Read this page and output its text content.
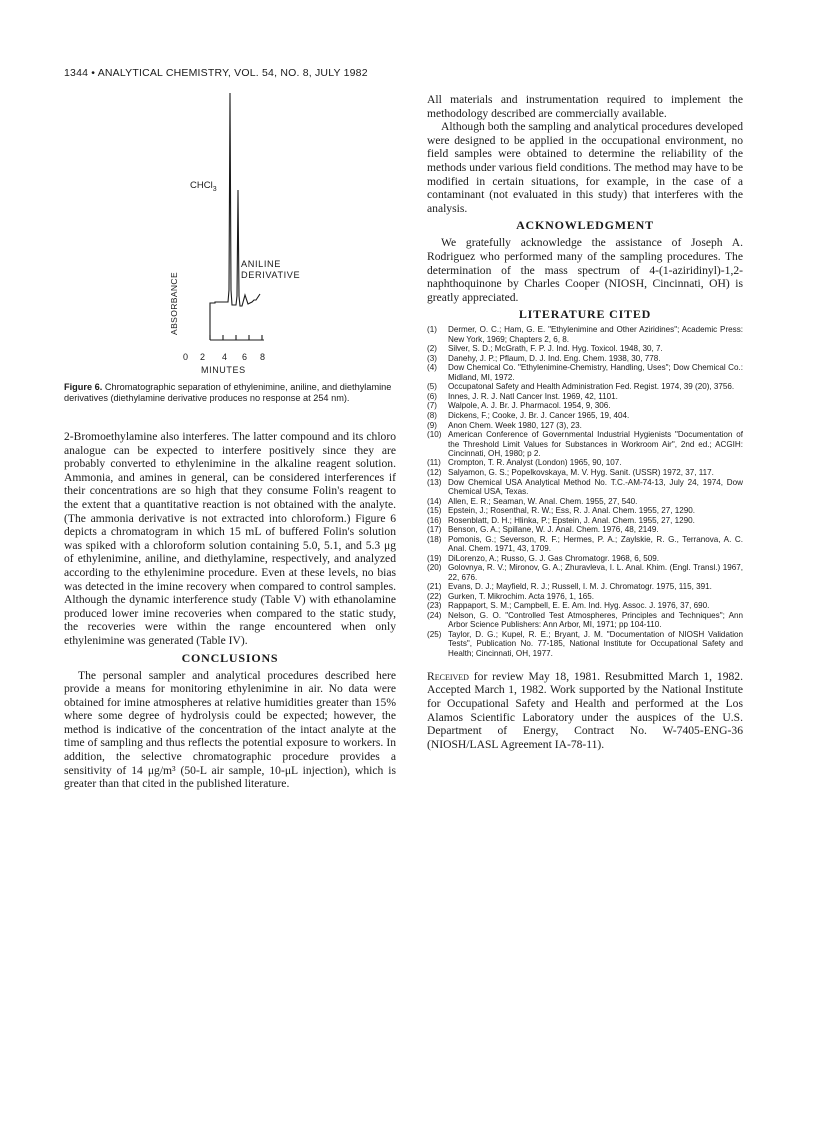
1344 • ANALYTICAL CHEMISTRY, VOL. 54, NO. 8, JULY 1982
CHCl$_3$
ANILINE
DERIVATIVE
ABSORBANCE
0 2 4 6 8
MINUTES
Figure 6. Chromatographic separation of ethylenimine, aniline, and diethylamine derivatives (diethylamine derivative produces no response at 254 nm).

2-Bromoethylamine also interferes. The latter compound and its chloro analogue can be expected to interfere positively since they are probably converted to ethylenimine in the alkaline reagent solution. Ammonia, and amines in general, can be considered interferences if their concentrations are so high that they consume Folin's reagent to the extent that a quantitative reaction is not obtained with the analyte. (The ammonia derivative is not extracted into chloroform.) Figure 6 depicts a chromatogram in which 15 mL of buffered Folin's solution was spiked with a chloroform solution containing 5.0, 5.1, and 5.3 μg of ethylenimine, aniline, and diethylamine, respectively, and analyzed according to the ethylenimine procedure. Even at these levels, no bias was detected in the imine recovery when compared to control samples. Although the dynamic interference study (Table V) with ethanolamine produced lower imine recoveries when compared to the static study, the recoveries were within the range encountered when only ethylenimine was generated (Table IV).

CONCLUSIONS

The personal sampler and analytical procedures described here provide a means for monitoring ethylenimine in air. No data were obtained for imine atmospheres at relative humidities greater than 15% where some degree of hydrolysis could be expected; however, the method is indicative of the concentration of the intact analyte at the time of sampling and thus reflects the potential exposure to workers. In addition, the selective chromatographic procedure provides a sensitivity of 14 μg/m³ (50-L air sample, 10-μL injection), which is greater than that cited in the published literature.

All materials and instrumentation required to implement the methodology described are commercially available.

Although both the sampling and analytical procedures developed were designed to be applied in the occupational environment, no field samples were obtained to determine the reliability of the methods under various field conditions. The method may have to be modified in certain situations, for example, in the case of a contaminant (not evaluated in this study) that interferes with the analysis.

ACKNOWLEDGMENT

We gratefully acknowledge the assistance of Joseph A. Rodriguez who performed many of the sampling procedures. The determination of the mass spectrum of 4-(1-aziridinyl)-1,2-naphthoquinone by Charles Cooper (NIOSH, Cincinnati, OH) is greatly appreciated.

LITERATURE CITED
(1) Dermer, O. C.; Ham, G. E. "Ethylenimine and Other Aziridines"; Academic Press: New York, 1969; Chapters 2, 6, 8.
(2) Silver, S. D.; McGrath, F. P. J. Ind. Hyg. Toxicol. 1948, 30, 7.
(3) Danehy, J. P.; Pflaum, D. J. Ind. Eng. Chem. 1938, 30, 778.
(4) Dow Chemical Co. "Ethylenimine-Chemistry, Handling, Uses"; Dow Chemical Co.: Midland, MI, 1972.
(5) Occupatonal Safety and Health Administration Fed. Regist. 1974, 39 (20), 3756.
(6) Innes, J. R. J. Natl Cancer Inst. 1969, 42, 1101.
(7) Walpole, A. J. Br. J. Pharmacol. 1954, 9, 306.
(8) Dickens, F.; Cooke, J. Br. J. Cancer 1965, 19, 404.
(9) Anon Chem. Week 1980, 127 (3), 23.
(10) American Conference of Governmental Industrial Hygienists "Documentation of the Threshold Limit Values for Substances in Workroom Air", 2nd ed.; ACGIH: Cincinnati, OH, 1980; p 2.
(11) Crompton, T. R. Analyst (London) 1965, 90, 107.
(12) Salyamon, G. S.; Popelkovskaya, M. V. Hyg. Sanit. (USSR) 1972, 37, 117.
(13) Dow Chemical USA Analytical Method No. T.C.-AM-74-13, July 24, 1974, Dow Chemical USA, Texas.
(14) Allen, E. R.; Seaman, W. Anal. Chem. 1955, 27, 540.
(15) Epstein, J.; Rosenthal, R. W.; Ess, R. J. Anal. Chem. 1955, 27, 1290.
(16) Rosenblatt, D. H.; Hlinka, P.; Epstein, J. Anal. Chem. 1955, 27, 1290.
(17) Benson, G. A.; Spillane, W. J. Anal. Chem. 1976, 48, 2149.
(18) Pomonis, G.; Severson, R. F.; Hermes, P. A.; Zaylskie, R. G., Terranova, A. C. Anal. Chem. 1971, 43, 1709.
(19) DiLorenzo, A.; Russo, G. J. Gas Chromatogr. 1968, 6, 509.
(20) Golovnya, R. V.; Mironov, G. A.; Zhuravleva, I. L. Anal. Khim. (Engl. Transl.) 1967, 22, 676.
(21) Evans, D. J.; Mayfield, R. J.; Russell, I. M. J. Chromatogr. 1975, 115, 391.
(22) Gurken, T. Mikrochim. Acta 1976, 1, 165.
(23) Rappaport, S. M.; Campbell, E. E. Am. Ind. Hyg. Assoc. J. 1976, 37, 690.
(24) Nelson, G. O. "Controlled Test Atmospheres, Principles and Techniques"; Ann Arbor Science Publishers: Ann Arbor, MI, 1971; pp 104-110.
(25) Taylor, D. G.; Kupel, R. E.; Bryant, J. M. "Documentation of NIOSH Validation Tests", Publication No. 77-185, National Institute for Occupational Safety and Health; Cincinnati, OH, 1977.

Received for review May 18, 1981. Resubmitted March 1, 1982. Accepted March 1, 1982. Work supported by the National Institute for Occupational Safety and Health and performed at the Los Alamos Scientific Laboratory under the auspices of the U.S. Department of Energy, Contract No. W-7405-ENG-36 (NIOSH/LASL Agreement IA-78-11).
